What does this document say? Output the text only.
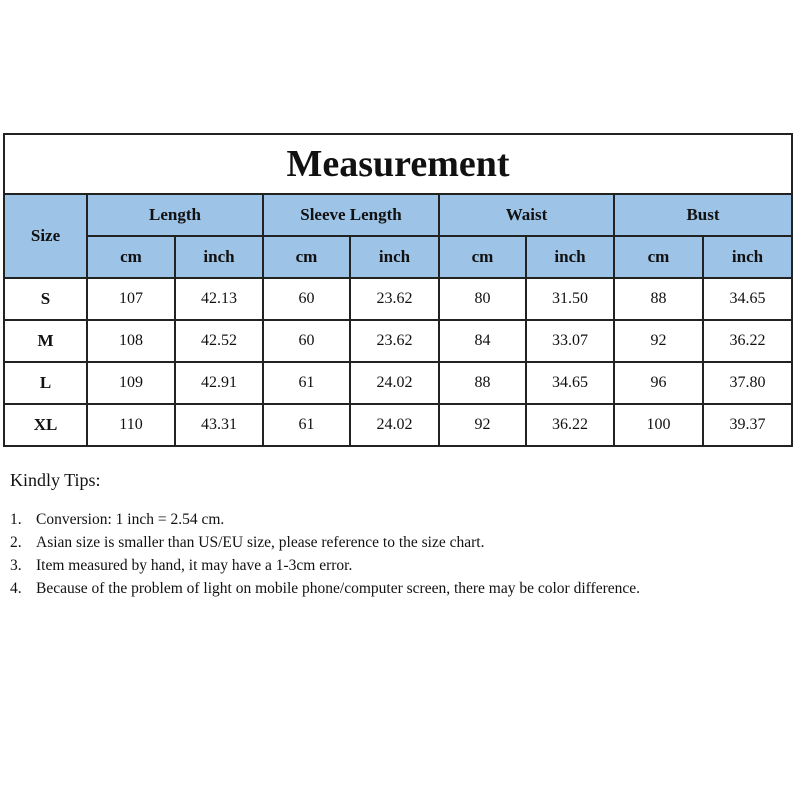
Measurement								
Size	Length		Sleeve Length		Waist		Bust	
	cm	inch	cm	inch	cm	inch	cm	inch
S	107	42.13	60	23.62	80	31.50	88	34.65
M	108	42.52	60	23.62	84	33.07	92	36.22
L	109	42.91	61	24.02	88	34.65	96	37.80
XL	110	43.31	61	24.02	92	36.22	100	39.37
Kindly Tips:
1. Conversion: 1 inch = 2.54 cm.
2. Asian size is smaller than US/EU size, please reference to the size chart.
3. Item measured by hand, it may have a 1-3cm error.
4. Because of the problem of light on mobile phone/computer screen, there may be color difference.
